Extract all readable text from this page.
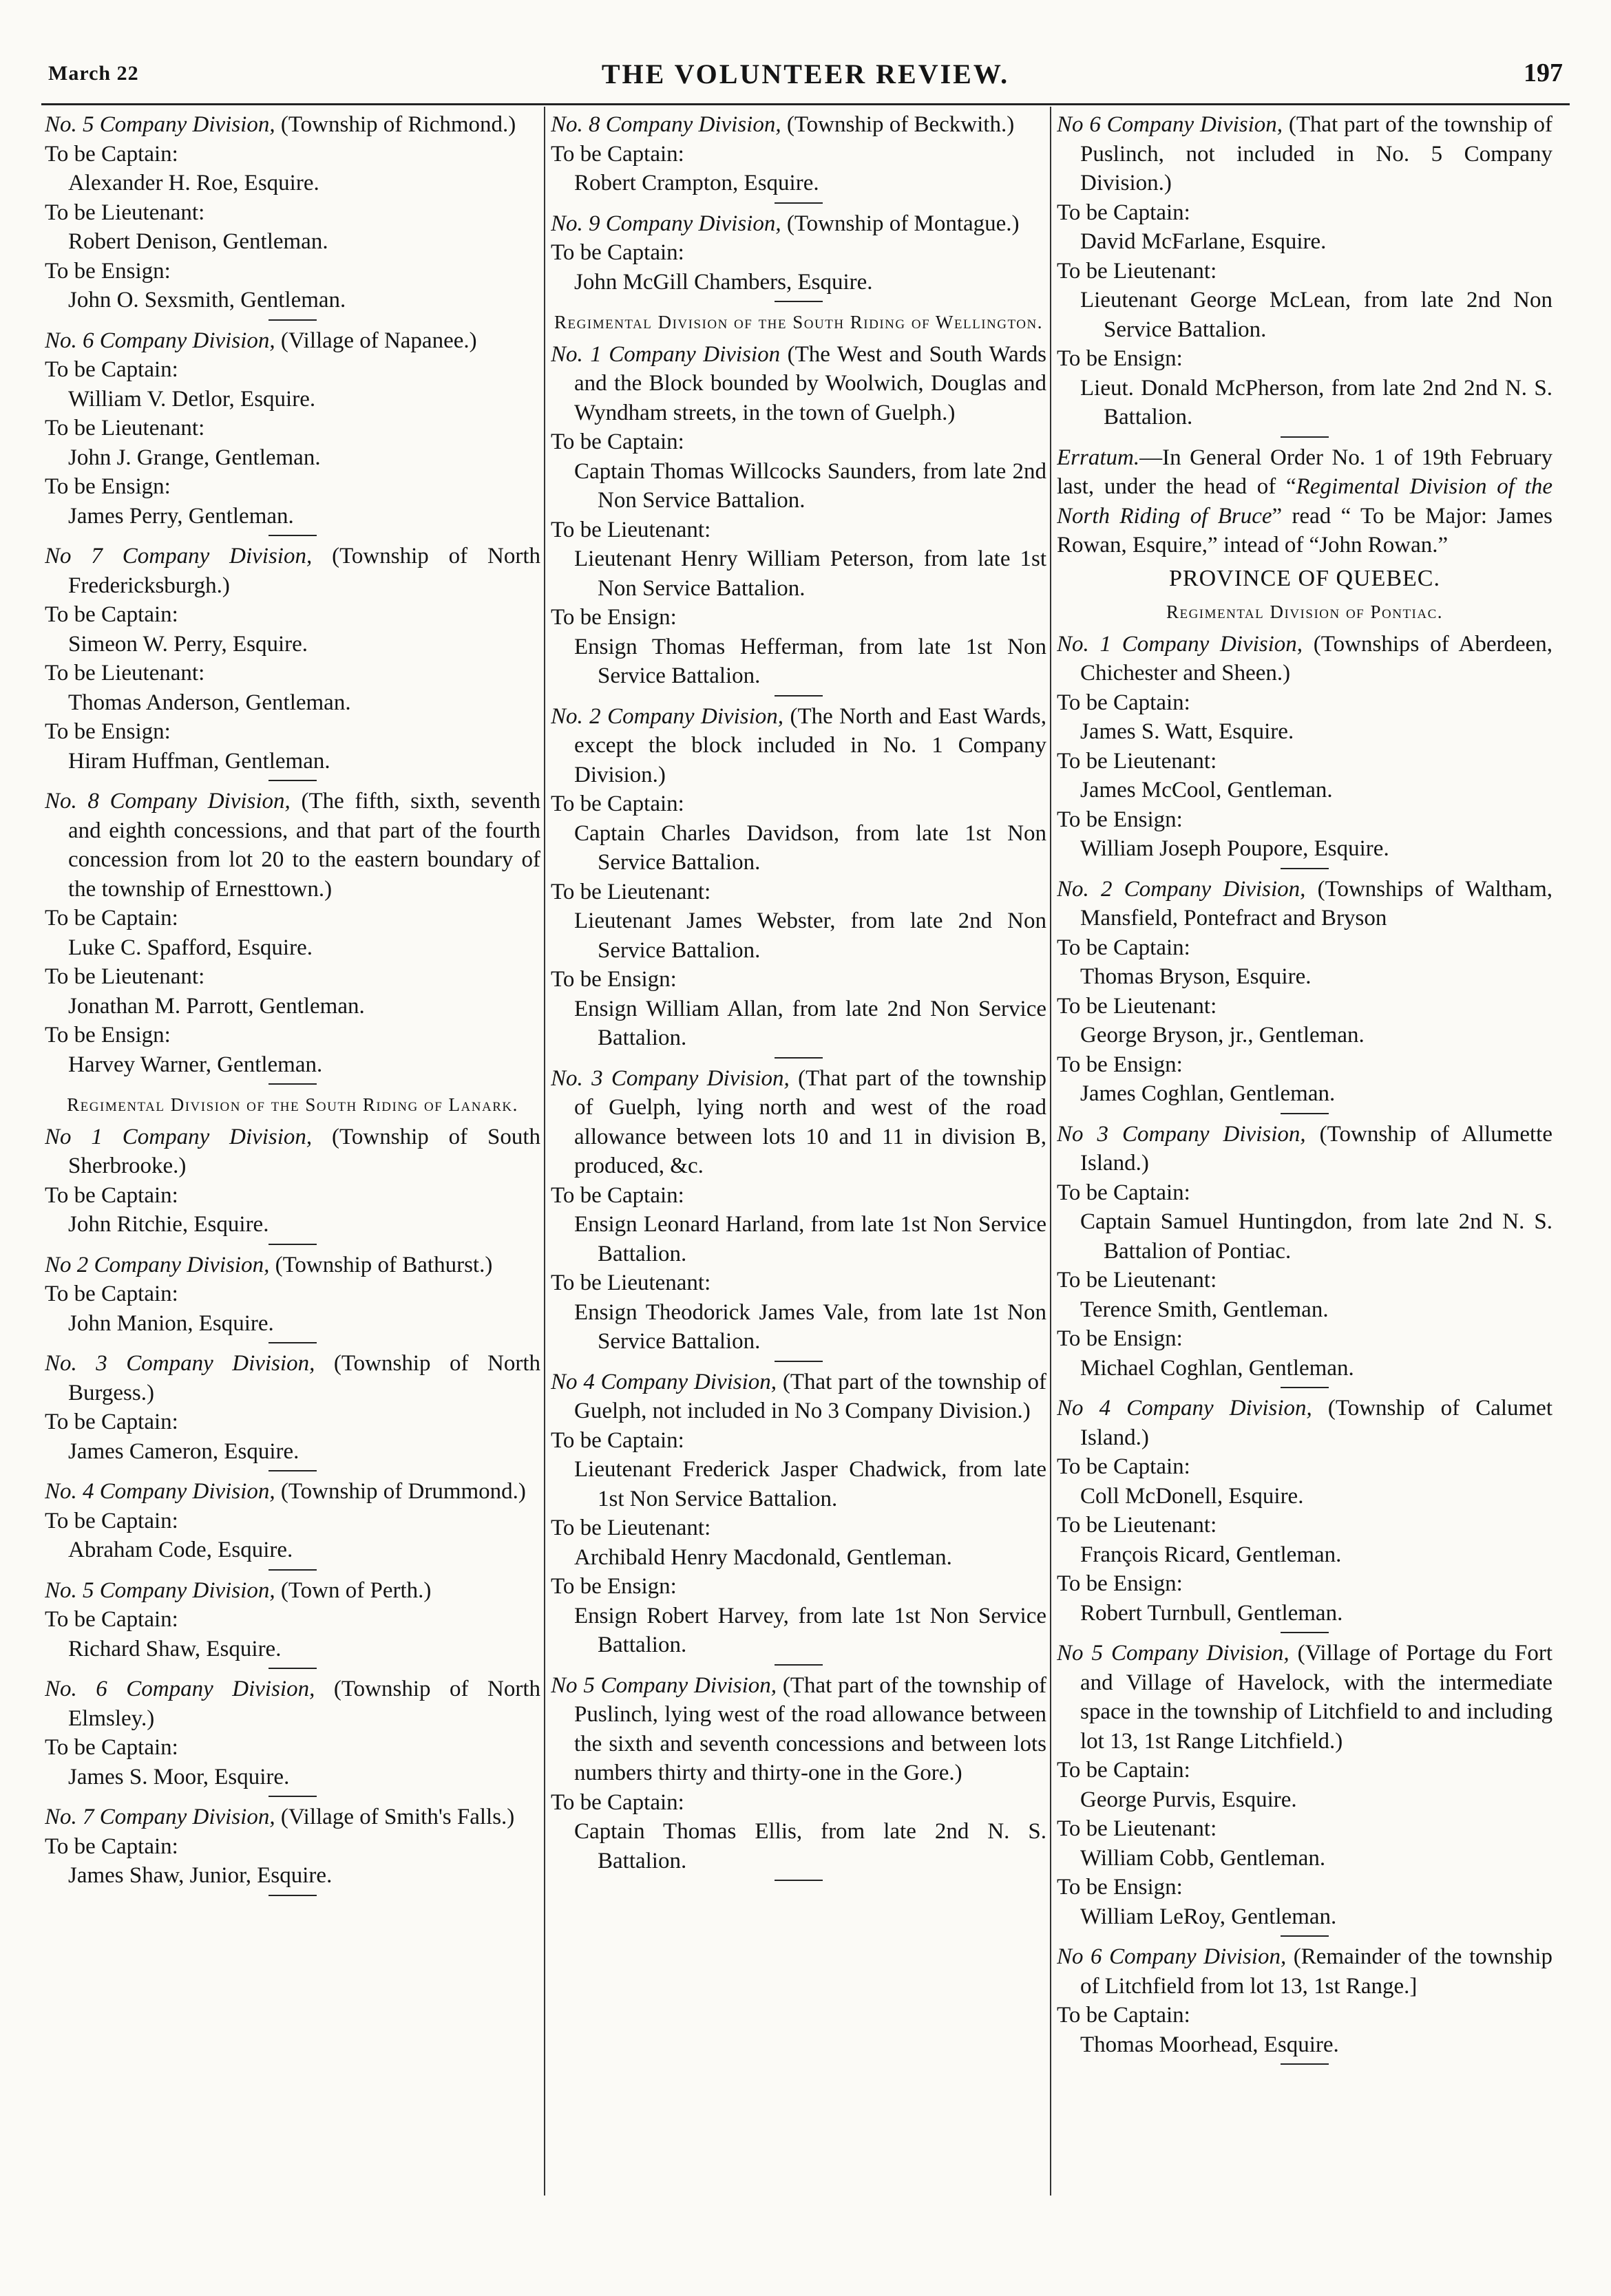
March 22	THE VOLUNTEER REVIEW.	197

No. 5 Company Division, (Township of Richmond.)

To be Captain:

Alexander H. Roe, Esquire.

To be Lieutenant:

Robert Denison, Gentleman.

To be Ensign:

John O. Sexsmith, Gentleman.

No. 6 Company Division, (Village of Napanee.)

To be Captain:

William V. Detlor, Esquire.

To be Lieutenant:

John J. Grange, Gentleman.

To be Ensign:

James Perry, Gentleman.

No 7 Company Division, (Township of North Fredericksburgh.)

To be Captain:

Simeon W. Perry, Esquire.

To be Lieutenant:

Thomas Anderson, Gentleman.

To be Ensign:

Hiram Huffman, Gentleman.

No. 8 Company Division, (The fifth, sixth, seventh and eighth concessions, and that part of the fourth concession from lot 20 to the eastern boundary of the township of Ernesttown.)

To be Captain:

Luke C. Spafford, Esquire.

To be Lieutenant:

Jonathan M. Parrott, Gentleman.

To be Ensign:

Harvey Warner, Gentleman.

Regimental Division of the South Riding of Lanark.

No 1 Company Division, (Township of South Sherbrooke.)

To be Captain:

John Ritchie, Esquire.

No 2 Company Division, (Township of Bathurst.)

To be Captain:

John Manion, Esquire.

No. 3 Company Division, (Township of North Burgess.)

To be Captain:

James Cameron, Esquire.

No. 4 Company Division, (Township of Drummond.)

To be Captain:

Abraham Code, Esquire.

No. 5 Company Division, (Town of Perth.)

To be Captain:

Richard Shaw, Esquire.

No. 6 Company Division, (Township of North Elmsley.)

To be Captain:

James S. Moor, Esquire.

No. 7 Company Division, (Village of Smith's Falls.)

To be Captain:

James Shaw, Junior, Esquire.

No. 8 Company Division, (Township of Beckwith.)

To be Captain:

Robert Crampton, Esquire.

No. 9 Company Division, (Township of Montague.)

To be Captain:

John McGill Chambers, Esquire.

Regimental Division of the South Riding of Wellington.

No. 1 Company Division (The West and South Wards and the Block bounded by Woolwich, Douglas and Wyndham streets, in the town of Guelph.)

To be Captain:

Captain Thomas Willcocks Saunders, from late 2nd Non Service Battalion.

To be Lieutenant:

Lieutenant Henry William Peterson, from late 1st Non Service Battalion.

To be Ensign:

Ensign Thomas Hefferman, from late 1st Non Service Battalion.

No. 2 Company Division, (The North and East Wards, except the block included in No. 1 Company Division.)

To be Captain:

Captain Charles Davidson, from late 1st Non Service Battalion.

To be Lieutenant:

Lieutenant James Webster, from late 2nd Non Service Battalion.

To be Ensign:

Ensign William Allan, from late 2nd Non Service Battalion.

No. 3 Company Division, (That part of the township of Guelph, lying north and west of the road allowance between lots 10 and 11 in division B, produced, &c.

To be Captain:

Ensign Leonard Harland, from late 1st Non Service Battalion.

To be Lieutenant:

Ensign Theodorick James Vale, from late 1st Non Service Battalion.

No 4 Company Division, (That part of the township of Guelph, not included in No 3 Company Division.)

To be Captain:

Lieutenant Frederick Jasper Chadwick, from late 1st Non Service Battalion.

To be Lieutenant:

Archibald Henry Macdonald, Gentleman.

To be Ensign:

Ensign Robert Harvey, from late 1st Non Service Battalion.

No 5 Company Division, (That part of the township of Puslinch, lying west of the road allowance between the sixth and seventh concessions and between lots numbers thirty and thirty-one in the Gore.)

To be Captain:

Captain Thomas Ellis, from late 2nd N. S. Battalion.

No 6 Company Division, (That part of the township of Puslinch, not included in No. 5 Company Division.)

To be Captain:

David McFarlane, Esquire.

To be Lieutenant:

Lieutenant George McLean, from late 2nd Non Service Battalion.

To be Ensign:

Lieut. Donald McPherson, from late 2nd 2nd N. S. Battalion.

Erratum.—In General Order No. 1 of 19th February last, under the head of “Regimental Division of the North Riding of Bruce” read “ To be Major: James Rowan, Esquire,” intead of “John Rowan.”

PROVINCE OF QUEBEC.
Regimental Division of Pontiac.

No. 1 Company Division, (Townships of Aberdeen, Chichester and Sheen.)

To be Captain:

James S. Watt, Esquire.

To be Lieutenant:

James McCool, Gentleman.

To be Ensign:

William Joseph Poupore, Esquire.

No. 2 Company Division, (Townships of Waltham, Mansfield, Pontefract and Bryson

To be Captain:

Thomas Bryson, Esquire.

To be Lieutenant:

George Bryson, jr., Gentleman.

To be Ensign:

James Coghlan, Gentleman.

No 3 Company Division, (Township of Allumette Island.)

To be Captain:

Captain Samuel Huntingdon, from late 2nd N. S. Battalion of Pontiac.

To be Lieutenant:

Terence Smith, Gentleman.

To be Ensign:

Michael Coghlan, Gentleman.

No 4 Company Division, (Township of Calumet Island.)

To be Captain:

Coll McDonell, Esquire.

To be Lieutenant:

François Ricard, Gentleman.

To be Ensign:

Robert Turnbull, Gentleman.

No 5 Company Division, (Village of Portage du Fort and Village of Havelock, with the intermediate space in the township of Litchfield to and including lot 13, 1st Range Litchfield.)

To be Captain:

George Purvis, Esquire.

To be Lieutenant:

William Cobb, Gentleman.

To be Ensign:

William LeRoy, Gentleman.

No 6 Company Division, (Remainder of the township of Litchfield from lot 13, 1st Range.]

To be Captain:

Thomas Moorhead, Esquire.
